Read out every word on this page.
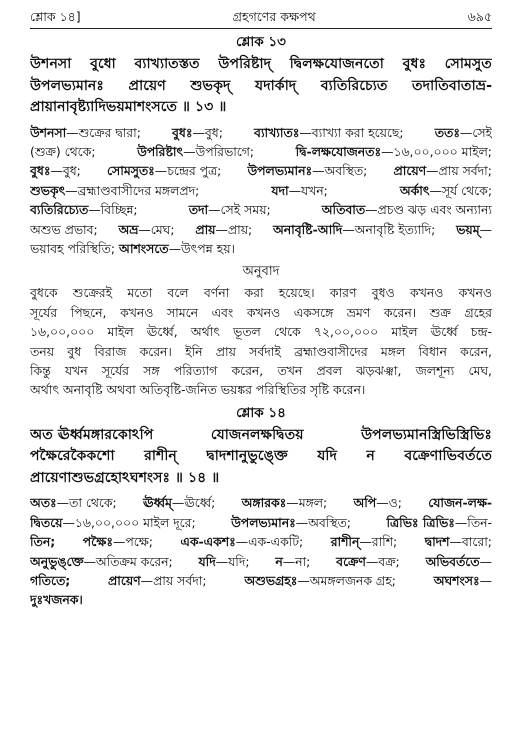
শ্লোক ১৪]	গ্রহগণের কক্ষপথ	৬৯৫
শ্লোক ১৩
উশনসা বুধো ব্যাখ্যাতস্তত উপরিষ্টাদ্ দ্বিলক্ষযোজনতো বুধঃ সোমসুত
উপলভ্যমানঃ প্রায়েণ শুভকৃদ্ যদার্কাদ্ ব্যতিরিচ্যেত তদাতিবাতাভ্র-
প্রায়ানাবৃষ্ট্যাদিভয়মাশংসতে ॥ ১৩ ॥
উশনসা—শুক্রের দ্বারা;	বুধঃ—বুধ;	ব্যাখ্যাতঃ—ব্যাখ্যা করা হয়েছে;	ততঃ—সেই
(শুক্র) থেকে;	উপরিষ্টাৎ—উপরিভাগে;	দ্বি-লক্ষযোজনতঃ—১৬,০০,০০০ মাইল;
বুধঃ—বুধ; সোমসুতঃ—চন্দ্রের পুত্র; উপলভ্যমানঃ—অবস্থিত; প্রায়েণ—প্রায় সর্বদা;
শুভকৃৎ—ব্রহ্মাণ্ডবাসীদের মঙ্গলপ্রদ;	যদা—যখন;	অর্কাৎ—সূর্য থেকে;
ব্যতিরিচ্যেত—বিচ্ছিন্ন;	তদা—সেই সময়;	অতিবাত—প্রচণ্ড ঝড় এবং অন্যান্য
অশুভ প্রভাব; অভ্র—মেঘ; প্রায়—প্রায়; অনাবৃষ্টি-আদি—অনাবৃষ্টি ইত্যাদি; ভয়ম্—
ভয়াবহ পরিস্থিতি; আশংসতে—উৎপন্ন হয়।
অনুবাদ
বুধকে শুক্রেরই মতো বলে বর্ণনা করা হয়েছে। কারণ বুধও কখনও কখনও
সূর্যের পিছনে, কখনও সামনে এবং কখনও একসঙ্গে ভ্রমণ করেন। শুক্র গ্রহের
১৬,০০,০০০ মাইল ঊর্ধ্বে, অর্থাৎ ভূতল থেকে ৭২,০০,০০০ মাইল ঊর্ধ্বে চন্দ্র-
তনয় বুধ বিরাজ করেন। ইনি প্রায় সর্বদাই ব্রহ্মাণ্ডবাসীদের মঙ্গল বিধান করেন,
কিন্তু যখন সূর্যের সঙ্গ পরিত্যাগ করেন, তখন প্রবল ঝড়ঝঞ্ঝা, জলশূন্য মেঘ,
অর্থাৎ অনাবৃষ্টি অথবা অতিবৃষ্টি-জনিত ভয়ঙ্কর পরিস্থিতির সৃষ্টি করেন।
শ্লোক ১৪
অত ঊর্ধ্বমঙ্গারকোঽপি	যোজনলক্ষদ্বিতয়	উপলভ্যমানস্ত্রিভিস্ত্রিভিঃ
পক্ষৈরেকৈকশো রাশীন্ দ্বাদশানুভুঙ্ক্তে যদি ন বক্রেণাভিবর্ততে
প্রায়েণাশুভগ্রহোঽঘশংসঃ ॥ ১৪ ॥
অতঃ—তা থেকে; ঊর্ধ্বম্—ঊর্ধ্বে; অঙ্গারকঃ—মঙ্গল; অপি—ও; যোজন-লক্ষ-
দ্বিতয়ে—১৬,০০,০০০ মাইল দূরে;	উপলভ্যমানঃ—অবস্থিত;	ত্রিভিঃ ত্রিভিঃ—তিন-
তিন; পক্ষৈঃ—পক্ষে; এক-একশঃ—এক-একটি; রাশীন্—রাশি; দ্বাদশ—বারো;
অনুভুঙ্‌ক্তে—অতিক্রম করেন; যদি—যদি; ন—না; বক্রেণ—বক্র; অভিবর্ততে—
গতিতে;	প্রায়েণ—প্রায় সর্বদা;	অশুভগ্রহঃ—অমঙ্গলজনক গ্রহ;	অঘশংসঃ—
দুঃখজনক।
